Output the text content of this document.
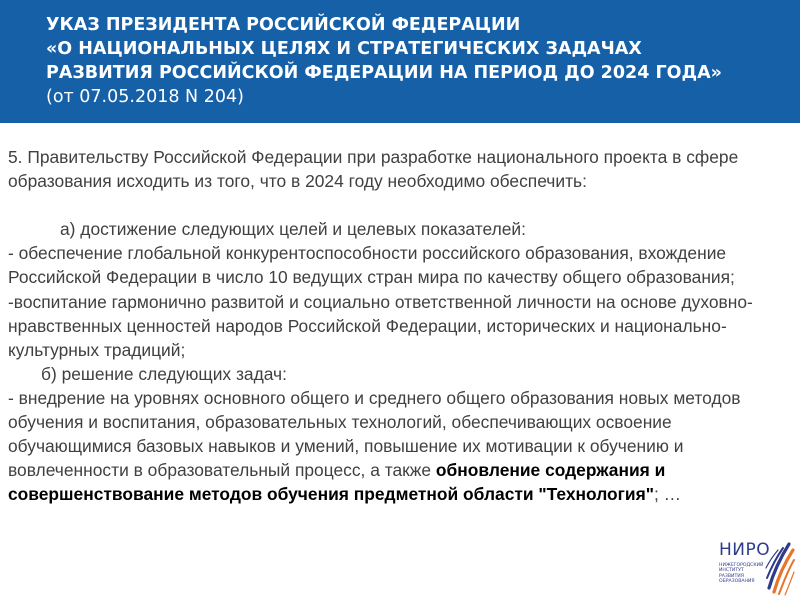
УКАЗ ПРЕЗИДЕНТА РОССИЙСКОЙ ФЕДЕРАЦИИ
«О НАЦИОНАЛЬНЫХ ЦЕЛЯХ И СТРАТЕГИЧЕСКИХ ЗАДАЧАХ
РАЗВИТИЯ РОССИЙСКОЙ ФЕДЕРАЦИИ НА ПЕРИОД ДО 2024 ГОДА»
(от 07.05.2018 N 204)

5. Правительству Российской Федерации при разработке национального проекта в сфере образования исходить из того, что в 2024 году необходимо обеспечить:

а) достижение следующих целей и целевых показателей:

- обеспечение глобальной конкурентоспособности российского образования, вхождение Российской Федерации в число 10 ведущих стран мира по качеству общего образования;

-воспитание гармонично развитой и социально ответственной личности на основе духовно-нравственных ценностей народов Российской Федерации, исторических и национально-культурных традиций;

б) решение следующих задач:

- внедрение на уровнях основного общего и среднего общего образования новых методов обучения и воспитания, образовательных технологий, обеспечивающих освоение обучающимися базовых навыков и умений, повышение их мотивации к обучению и вовлеченности в образовательный процесс, а также обновление содержания и совершенствование методов обучения предметной области "Технология"; …

НИРО
НИЖЕГОРОДСКИЙ
ИНСТИТУТ
РАЗВИТИЯ
ОБРАЗОВАНИЯ
